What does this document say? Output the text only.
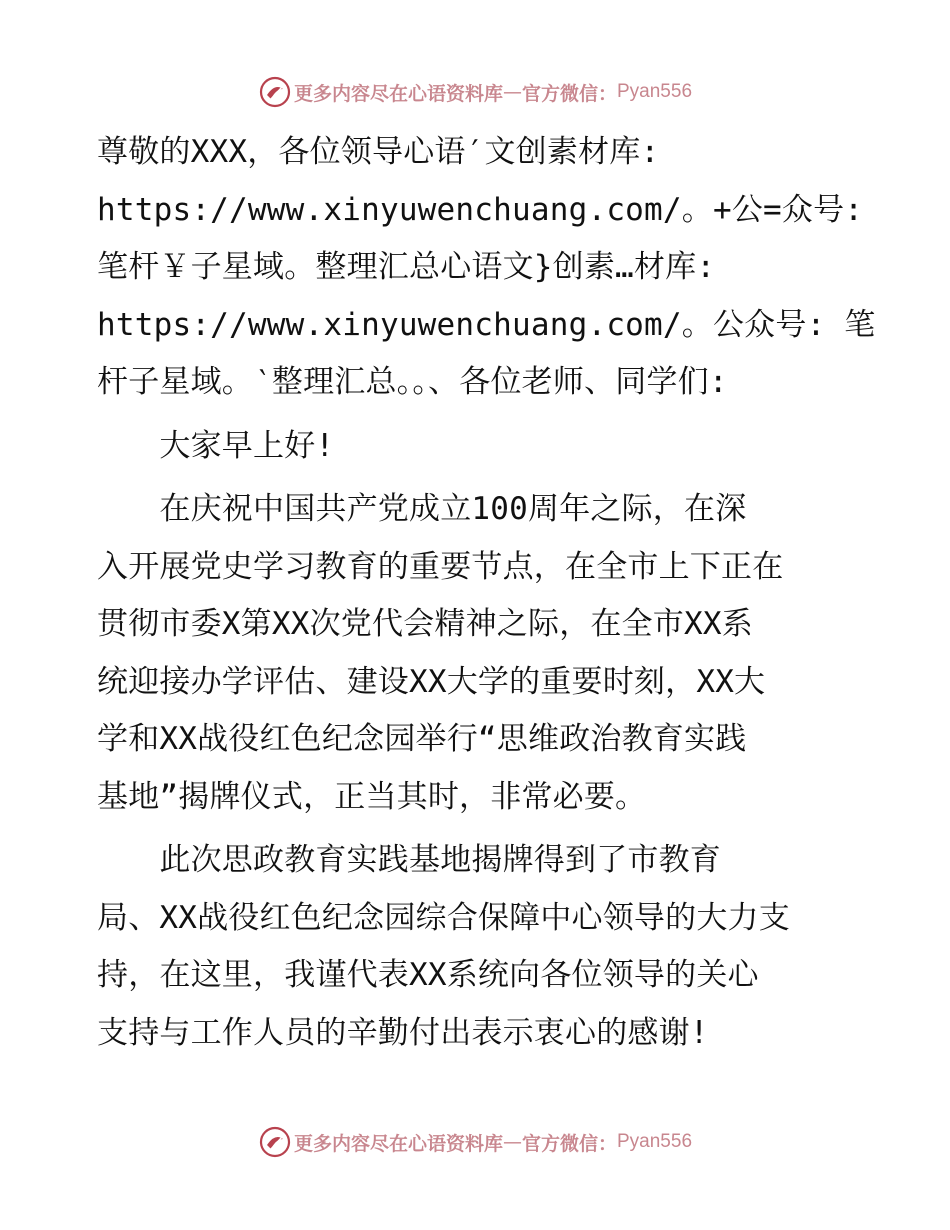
更多内容尽在心语资料库 — 官方微信： Pyan556
尊敬的XXX，各位领导心语′文创素材库:
https://www.xinyuwenchuang.com/。+公=众号:
笔杆￥子星域。整理汇总心语文}创素…材库:
https://www.xinyuwenchuang.com/。公众号: 笔
杆子星域。‵整理汇总。。、各位老师、同学们:
　　大家早上好!
　　在庆祝中国共产党成立100周年之际，在深
入开展党史学习教育的重要节点，在全市上下正在
贯彻市委X第XX次党代会精神之际，在全市XX系
统迎接办学评估、建设XX大学的重要时刻，XX大
学和XX战役红色纪念园举行“思维政治教育实践
基地”揭牌仪式，正当其时，非常必要。
　　此次思政教育实践基地揭牌得到了市教育
局、XX战役红色纪念园综合保障中心领导的大力支
持，在这里，我谨代表XX系统向各位领导的关心
支持与工作人员的辛勤付出表示衷心的感谢!
更多内容尽在心语资料库 — 官方微信： Pyan556
